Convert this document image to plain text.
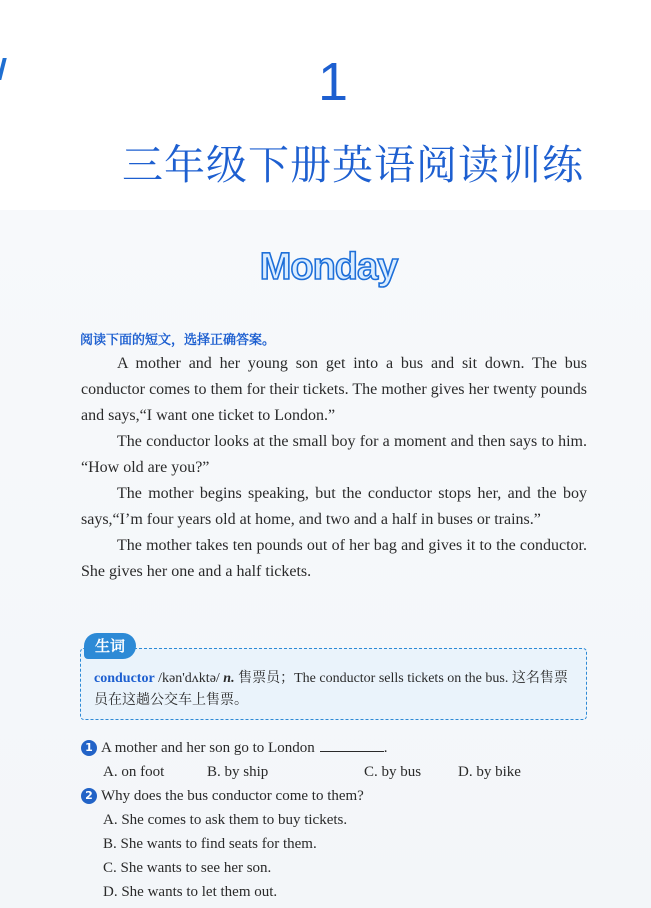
1
三年级下册英语阅读训练
Monday
阅读下面的短文，选择正确答案。

A mother and her young son get into a bus and sit down. The bus conductor comes to them for their tickets. The mother gives her twenty pounds and says,“I want one ticket to London.”

The conductor looks at the small boy for a moment and then says to him. “How old are you?”

The mother begins speaking, but the conductor stops her, and the boy says,“I’m four years old at home, and two and a half in buses or trains.”

The mother takes ten pounds out of her bag and gives it to the conductor. She gives her one and a half tickets.

生词
conductor /kən'dʌktə/ n. 售票员；The conductor sells tickets on the bus. 这名售票员在这趟公交车上售票。
1 A mother and her son go to London	.
A. on foot	B. by ship	C. by bus D. by bike
2 Why does the bus conductor come to them?
A. She comes to ask them to buy tickets.
B. She wants to find seats for them.
C. She wants to see her son.
D. She wants to let them out.
